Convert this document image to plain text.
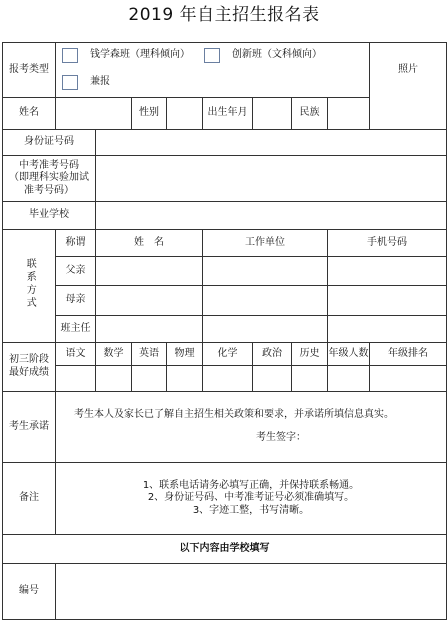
2019 年自主招生报名表
报考类型	钱学森班（理科倾向） 创新班（文科倾向）								照片

	兼报								

姓名			性别		出生年月		民族		
身份证号码									

中考准考号码
（即理科实验加试
准考号码）									

毕业学校									
联系方式	称谓	姓　名			工作单位			手机号码	
	父亲								
	母亲								
	班主任								

初三阶段
最好成绩	语文	数学	英语	物理	化学	政治	历史	年级人数	年级排名

考生承诺	考生本人及家长已了解自主招生相关政策和要求，并承诺所填信息真实。
考生签字：								

备注	1、联系电话请务必填写正确，并保持联系畅通。
2、身份证号码、中考准考证号必须准确填写。
3、字迹工整，书写清晰。								

以下内容由学校填写									
编号									
